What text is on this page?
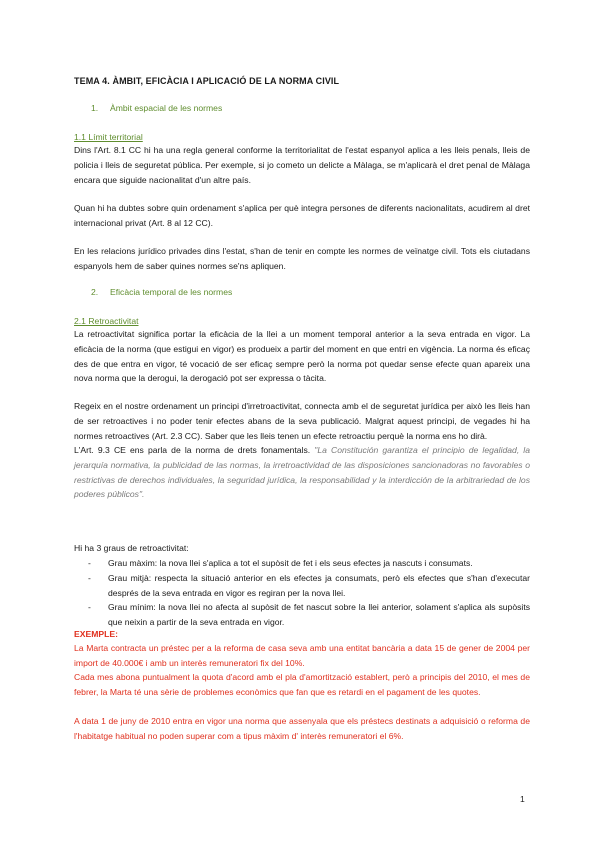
TEMA 4. ÀMBIT, EFICÀCIA I APLICACIÓ DE LA NORMA CIVIL
1. Àmbit espacial de les normes
1.1 Límit territorial
Dins l'Art. 8.1 CC hi ha una regla general conforme la territorialitat de l'estat espanyol aplica a les lleis penals, lleis de policia i lleis de seguretat pública. Per exemple, si jo cometo un delicte a Màlaga, se m'aplicarà el dret penal de Màlaga encara que siguide nacionalitat d'un altre país.
Quan hi ha dubtes sobre quin ordenament s'aplica per què integra persones de diferents nacionalitats, acudirem al dret internacional privat (Art. 8 al 12 CC).
En les relacions jurídico privades dins l'estat, s'han de tenir en compte les normes de veïnatge civil. Tots els ciutadans espanyols hem de saber quines normes se'ns apliquen.
2. Eficàcia temporal de les normes
2.1 Retroactivitat
La retroactivitat significa portar la eficàcia de la llei a un moment temporal anterior a la seva entrada en vigor. La eficàcia de la norma (que estigui en vigor) es produeix a partir del moment en que entri en vigència. La norma és eficaç des de que entra en vigor, té vocació de ser eficaç sempre però la norma pot quedar sense efecte quan apareix una nova norma que la derogui, la derogació pot ser expressa o tàcita.
Regeix en el nostre ordenament un principi d'irretroactivitat, connecta amb el de seguretat jurídica per això les lleis han de ser retroactives i no poder tenir efectes abans de la seva publicació. Malgrat aquest principi, de vegades hi ha normes retroactives (Art. 2.3 CC). Saber que les lleis tenen un efecte retroactiu perquè la norma ens ho dirà.
L'Art. 9.3 CE ens parla de la norma de drets fonamentals. "La Constitución garantiza el principio de legalidad, la jerarquía normativa, la publicidad de las normas, la irretroactividad de las disposiciones sancionadoras no favorables o restrictivas de derechos individuales, la seguridad jurídica, la responsabilidad y la interdicción de la arbitrariedad de los poderes públicos".
Hi ha 3 graus de retroactivitat:
- Grau màxim: la nova llei s'aplica a tot el supòsit de fet i els seus efectes ja nascuts i consumats.
- Grau mitjà: respecta la situació anterior en els efectes ja consumats, però els efectes que s'han d'executar després de la seva entrada en vigor es regiran per la nova llei.
- Grau mínim: la nova llei no afecta al supòsit de fet nascut sobre la llei anterior, solament s'aplica als supòsits que neixin a partir de la seva entrada en vigor.
EXEMPLE:
La Marta contracta un préstec per a la reforma de casa seva amb una entitat bancària a data 15 de gener de 2004 per import de 40.000€ i amb un interès remuneratori fix del 10%.
Cada mes abona puntualment la quota d'acord amb el pla d'amortització establert, però a principis del 2010, el mes de febrer, la Marta té una sèrie de problemes econòmics que fan que es retardi en el pagament de les quotes.
A data 1 de juny de 2010 entra en vigor una norma que assenyala que els préstecs destinats a adquisició o reforma de l'habitatge habitual no poden superar com a tipus màxim d' interès remuneratori el 6%.
1
